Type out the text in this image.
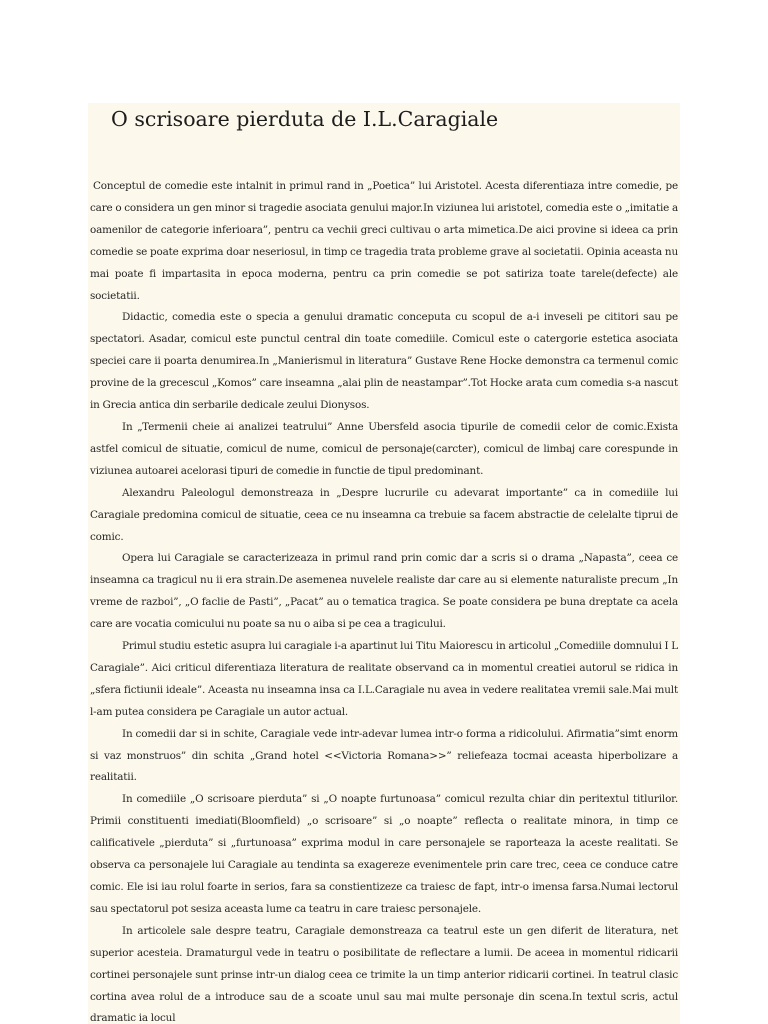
O scrisoare pierduta de I.L.Caragiale

Conceptul de comedie este intalnit in primul rand in „Poetica” lui Aristotel. Acesta diferentiaza intre comedie, pe care o considera un gen minor si tragedie asociata genului major.In viziunea lui aristotel, comedia este o „imitatie a oamenilor de categorie inferioara”, pentru ca vechii greci cultivau o arta mimetica.De aici provine si ideea ca prin comedie se poate exprima doar neseriosul, in timp ce tragedia trata probleme grave al societatii. Opinia aceasta nu mai poate fi impartasita in epoca moderna, pentru ca prin comedie se pot satiriza toate tarele(defecte) ale societatii.

Didactic, comedia este o specia a genului dramatic conceputa cu scopul de a-i inveseli pe cititori sau pe spectatori. Asadar, comicul este punctul central din toate comediile. Comicul este o catergorie estetica asociata speciei care ii poarta denumirea.In „Manierismul in literatura” Gustave Rene Hocke demonstra ca termenul comic provine de la grecescul „Komos” care inseamna „alai plin de neastampar”.Tot Hocke arata cum comedia s-a nascut in Grecia antica din serbarile dedicale zeului Dionysos.

In „Termenii cheie ai analizei teatrului” Anne Ubersfeld asocia tipurile de comedii celor de comic.Exista astfel comicul de situatie, comicul de nume, comicul de personaje(carcter), comicul de limbaj care corespunde in viziunea autoarei acelorasi tipuri de comedie in functie de tipul predominant.

Alexandru Paleologul demonstreaza in „Despre lucrurile cu adevarat importante” ca in comediile lui Caragiale predomina comicul de situatie, ceea ce nu inseamna ca trebuie sa facem abstractie de celelalte tiprui de comic.

Opera lui Caragiale se caracterizeaza in primul rand prin comic dar a scris si o drama „Napasta”, ceea ce inseamna ca tragicul nu ii era strain.De asemenea nuvelele realiste dar care au si elemente naturaliste precum „In vreme de razboi”, „O faclie de Pasti”, „Pacat” au o tematica tragica. Se poate considera pe buna dreptate ca acela care are vocatia comicului nu poate sa nu o aiba si pe cea a tragicului.

Primul studiu estetic asupra lui caragiale i-a apartinut lui Titu Maiorescu in articolul „Comediile domnului I L Caragiale”. Aici criticul diferentiaza literatura de realitate observand ca in momentul creatiei autorul se ridica in „sfera fictiunii ideale”. Aceasta nu inseamna insa ca I.L.Caragiale nu avea in vedere realitatea vremii sale.Mai mult l-am putea considera pe Caragiale un autor actual.

In comedii dar si in schite, Caragiale vede intr-adevar lumea intr-o forma a ridicolului. Afirmatia”simt enorm si vaz monstruos” din schita „Grand hotel <<Victoria Romana>>” reliefeaza tocmai aceasta hiperbolizare a realitatii.

In comediile „O scrisoare pierduta” si „O noapte furtunoasa” comicul rezulta chiar din peritextul titlurilor. Primii constituenti imediati(Bloomfield) „o scrisoare” si „o noapte” reflecta o realitate minora, in timp ce calificativele „pierduta” si „furtunoasa” exprima modul in care personajele se raporteaza la aceste realitati. Se observa ca personajele lui Caragiale au tendinta sa exagereze evenimentele prin care trec, ceea ce conduce catre comic. Ele isi iau rolul foarte in serios, fara sa constientizeze ca traiesc de fapt, intr-o imensa farsa.Numai lectorul sau spectatorul pot sesiza aceasta lume ca teatru in care traiesc personajele.

In articolele sale despre teatru, Caragiale demonstreaza ca teatrul este un gen diferit de literatura, net superior acesteia. Dramaturgul vede in teatru o posibilitate de reflectare a lumii. De aceea in momentul ridicarii cortinei personajele sunt prinse intr-un dialog ceea ce trimite la un timp anterior ridicarii cortinei. In teatrul clasic cortina avea rolul de a introduce sau de a scoate unul sau mai multe personaje din scena.In textul scris, actul dramatic ia locul
